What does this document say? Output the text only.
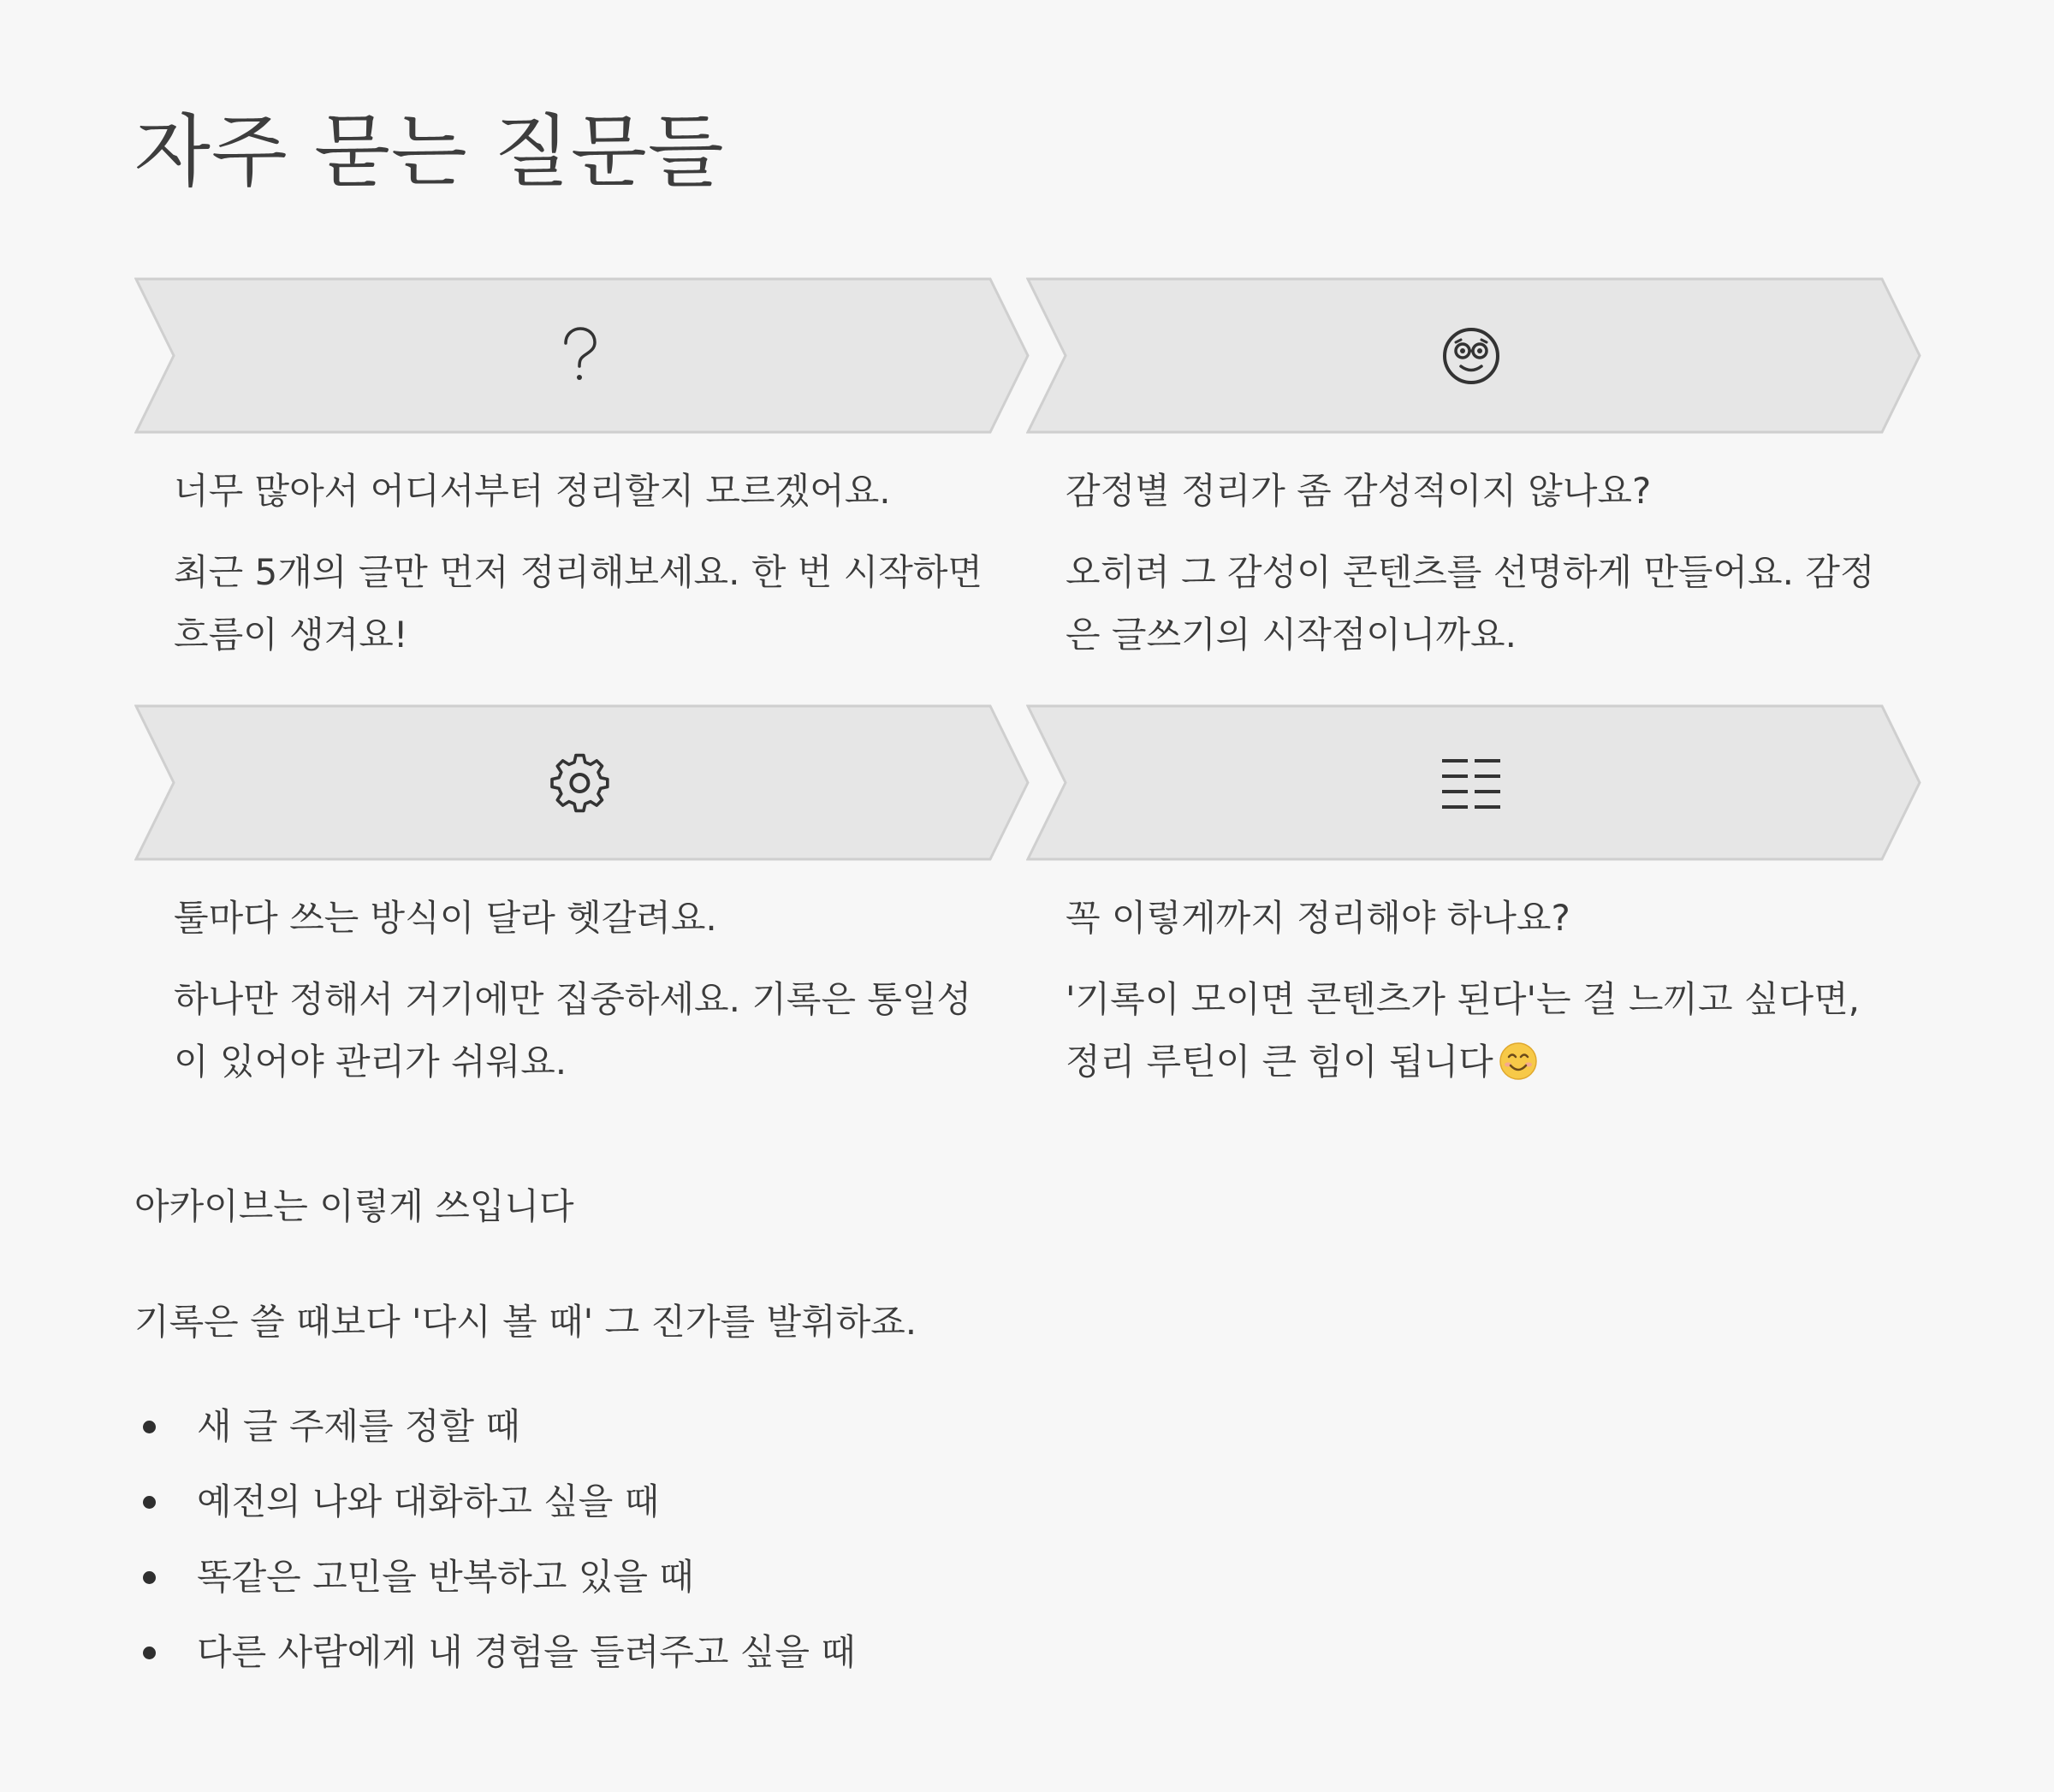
자주 묻는 질문들

너무 많아서 어디서부터 정리할지 모르겠어요.

최근 5개의 글만 먼저 정리해보세요. 한 번 시작하면 흐름이 생겨요!

감정별 정리가 좀 감성적이지 않나요?

오히려 그 감성이 콘텐츠를 선명하게 만들어요. 감정은 글쓰기의 시작점이니까요.

툴마다 쓰는 방식이 달라 헷갈려요.

하나만 정해서 거기에만 집중하세요. 기록은 통일성이 있어야 관리가 쉬워요.

꼭 이렇게까지 정리해야 하나요?

'기록이 모이면 콘텐츠가 된다'는 걸 느끼고 싶다면, 정리 루틴이 큰 힘이 됩니다

아카이브는 이렇게 쓰입니다

기록은 쓸 때보다 '다시 볼 때' 그 진가를 발휘하죠.

새 글 주제를 정할 때
예전의 나와 대화하고 싶을 때
똑같은 고민을 반복하고 있을 때
다른 사람에게 내 경험을 들려주고 싶을 때
